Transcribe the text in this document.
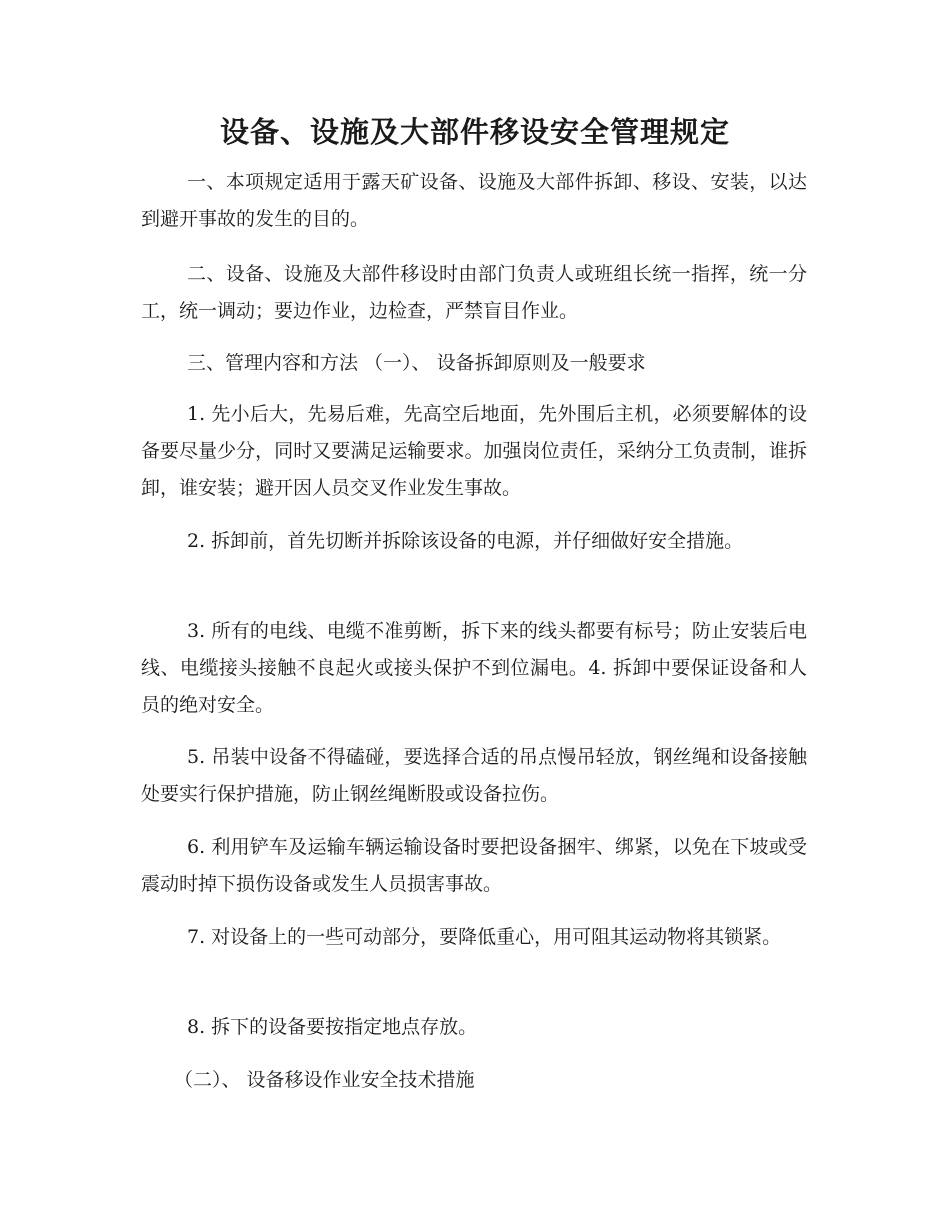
设备、设施及大部件移设安全管理规定

一、本项规定适用于露天矿设备、设施及大部件拆卸、移设、安装，以达到避开事故的发生的目的。

二、设备、设施及大部件移设时由部门负责人或班组长统一指挥，统一分工，统一调动；要边作业，边检查，严禁盲目作业。

三、管理内容和方法 （一）、 设备拆卸原则及一般要求

1. 先小后大，先易后难，先高空后地面，先外围后主机，必须要解体的设备要尽量少分，同时又要满足运输要求。加强岗位责任，采纳分工负责制，谁拆卸，谁安装；避开因人员交叉作业发生事故。

2. 拆卸前，首先切断并拆除该设备的电源，并仔细做好安全措施。

3. 所有的电线、电缆不准剪断，拆下来的线头都要有标号；防止安装后电线、电缆接头接触不良起火或接头保护不到位漏电。4. 拆卸中要保证设备和人员的绝对安全。

5. 吊装中设备不得磕碰，要选择合适的吊点慢吊轻放，钢丝绳和设备接触处要实行保护措施，防止钢丝绳断股或设备拉伤。

6. 利用铲车及运输车辆运输设备时要把设备捆牢、绑紧，以免在下坡或受震动时掉下损伤设备或发生人员损害事故。

7. 对设备上的一些可动部分，要降低重心，用可阻其运动物将其锁紧。

8. 拆下的设备要按指定地点存放。

（二）、 设备移设作业安全技术措施
